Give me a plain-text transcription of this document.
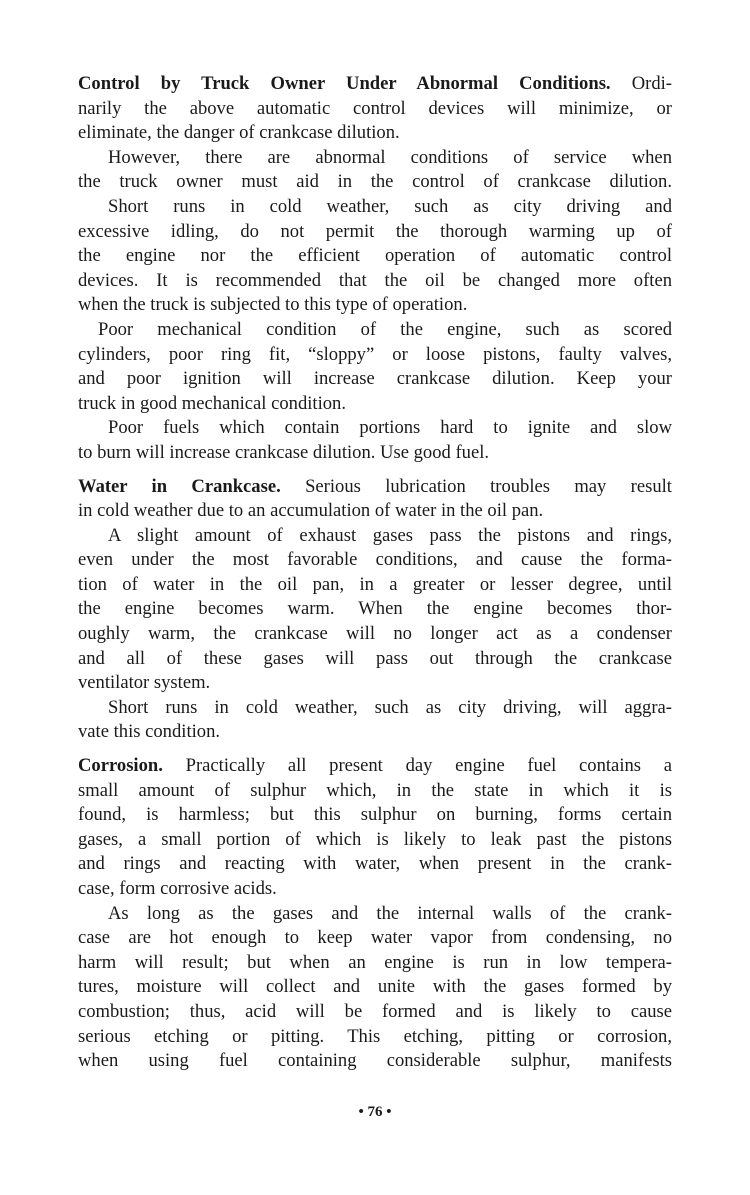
Control by Truck Owner Under Abnormal Conditions. Ordi-
narily the above automatic control devices will minimize, or
eliminate, the danger of crankcase dilution.

However, there are abnormal conditions of service when
the truck owner must aid in the control of crankcase dilution.

Short runs in cold weather, such as city driving and
excessive idling, do not permit the thorough warming up of
the engine nor the efficient operation of automatic control
devices. It is recommended that the oil be changed more often
when the truck is subjected to this type of operation.

Poor mechanical condition of the engine, such as scored
cylinders, poor ring fit, “sloppy” or loose pistons, faulty valves,
and poor ignition will increase crankcase dilution. Keep your
truck in good mechanical condition.

Poor fuels which contain portions hard to ignite and slow
to burn will increase crankcase dilution. Use good fuel.

Water in Crankcase. Serious lubrication troubles may result
in cold weather due to an accumulation of water in the oil pan.

A slight amount of exhaust gases pass the pistons and rings,
even under the most favorable conditions, and cause the forma-
tion of water in the oil pan, in a greater or lesser degree, until
the engine becomes warm. When the engine becomes thor-
oughly warm, the crankcase will no longer act as a condenser
and all of these gases will pass out through the crankcase
ventilator system.

Short runs in cold weather, such as city driving, will aggra-
vate this condition.

Corrosion. Practically all present day engine fuel contains a
small amount of sulphur which, in the state in which it is
found, is harmless; but this sulphur on burning, forms certain
gases, a small portion of which is likely to leak past the pistons
and rings and reacting with water, when present in the crank-
case, form corrosive acids.

As long as the gases and the internal walls of the crank-
case are hot enough to keep water vapor from condensing, no
harm will result; but when an engine is run in low tempera-
tures, moisture will collect and unite with the gases formed by
combustion; thus, acid will be formed and is likely to cause
serious etching or pitting. This etching, pitting or corrosion,
when using fuel containing considerable sulphur, manifests

• 76 •
